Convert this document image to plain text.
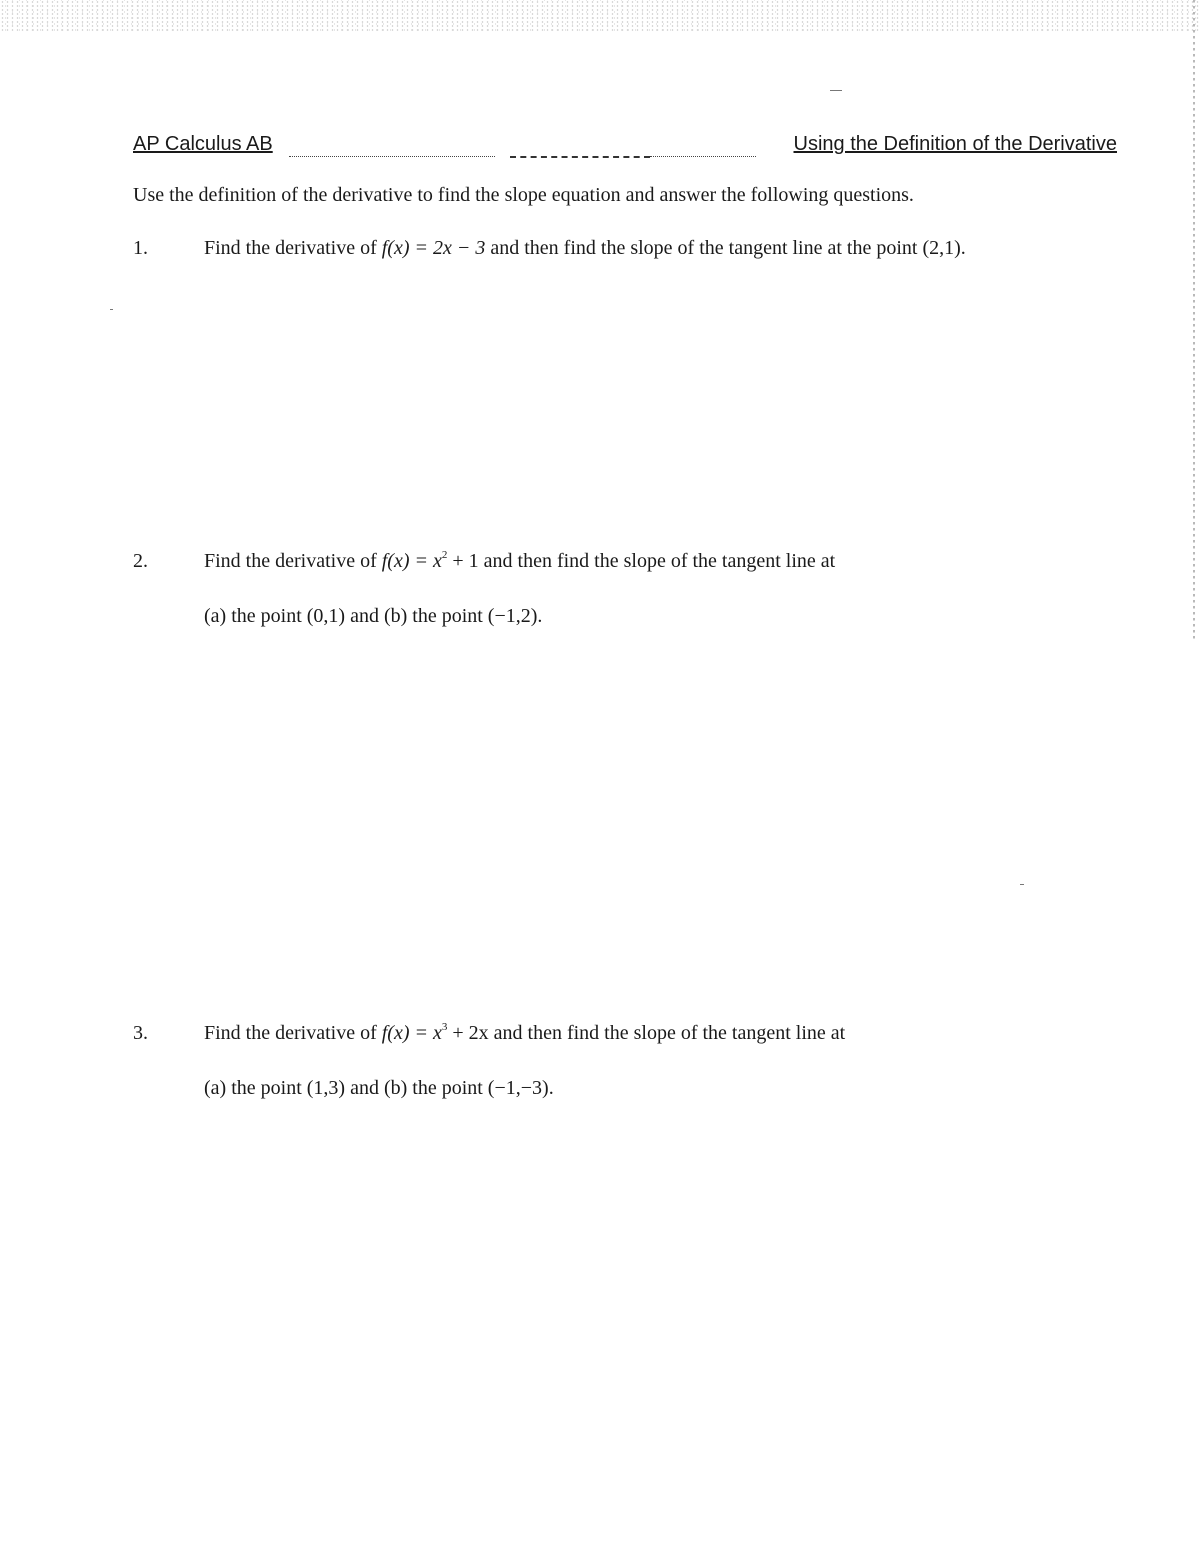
AP Calculus AB	Using the Definition of the Derivative
Use the definition of the derivative to find the slope equation and answer the following questions.
1.	Find the derivative of f(x) = 2x − 3 and then find the slope of the tangent line at the point (2,1).
2.	Find the derivative of $f(x) = x^2 + 1$ and then find the slope of the tangent line at
(a) the point (0,1) and (b) the point (−1,2).
3.	Find the derivative of $f(x) = x^3 + 2x$ and then find the slope of the tangent line at
(a) the point (1,3) and (b) the point (−1,−3).
